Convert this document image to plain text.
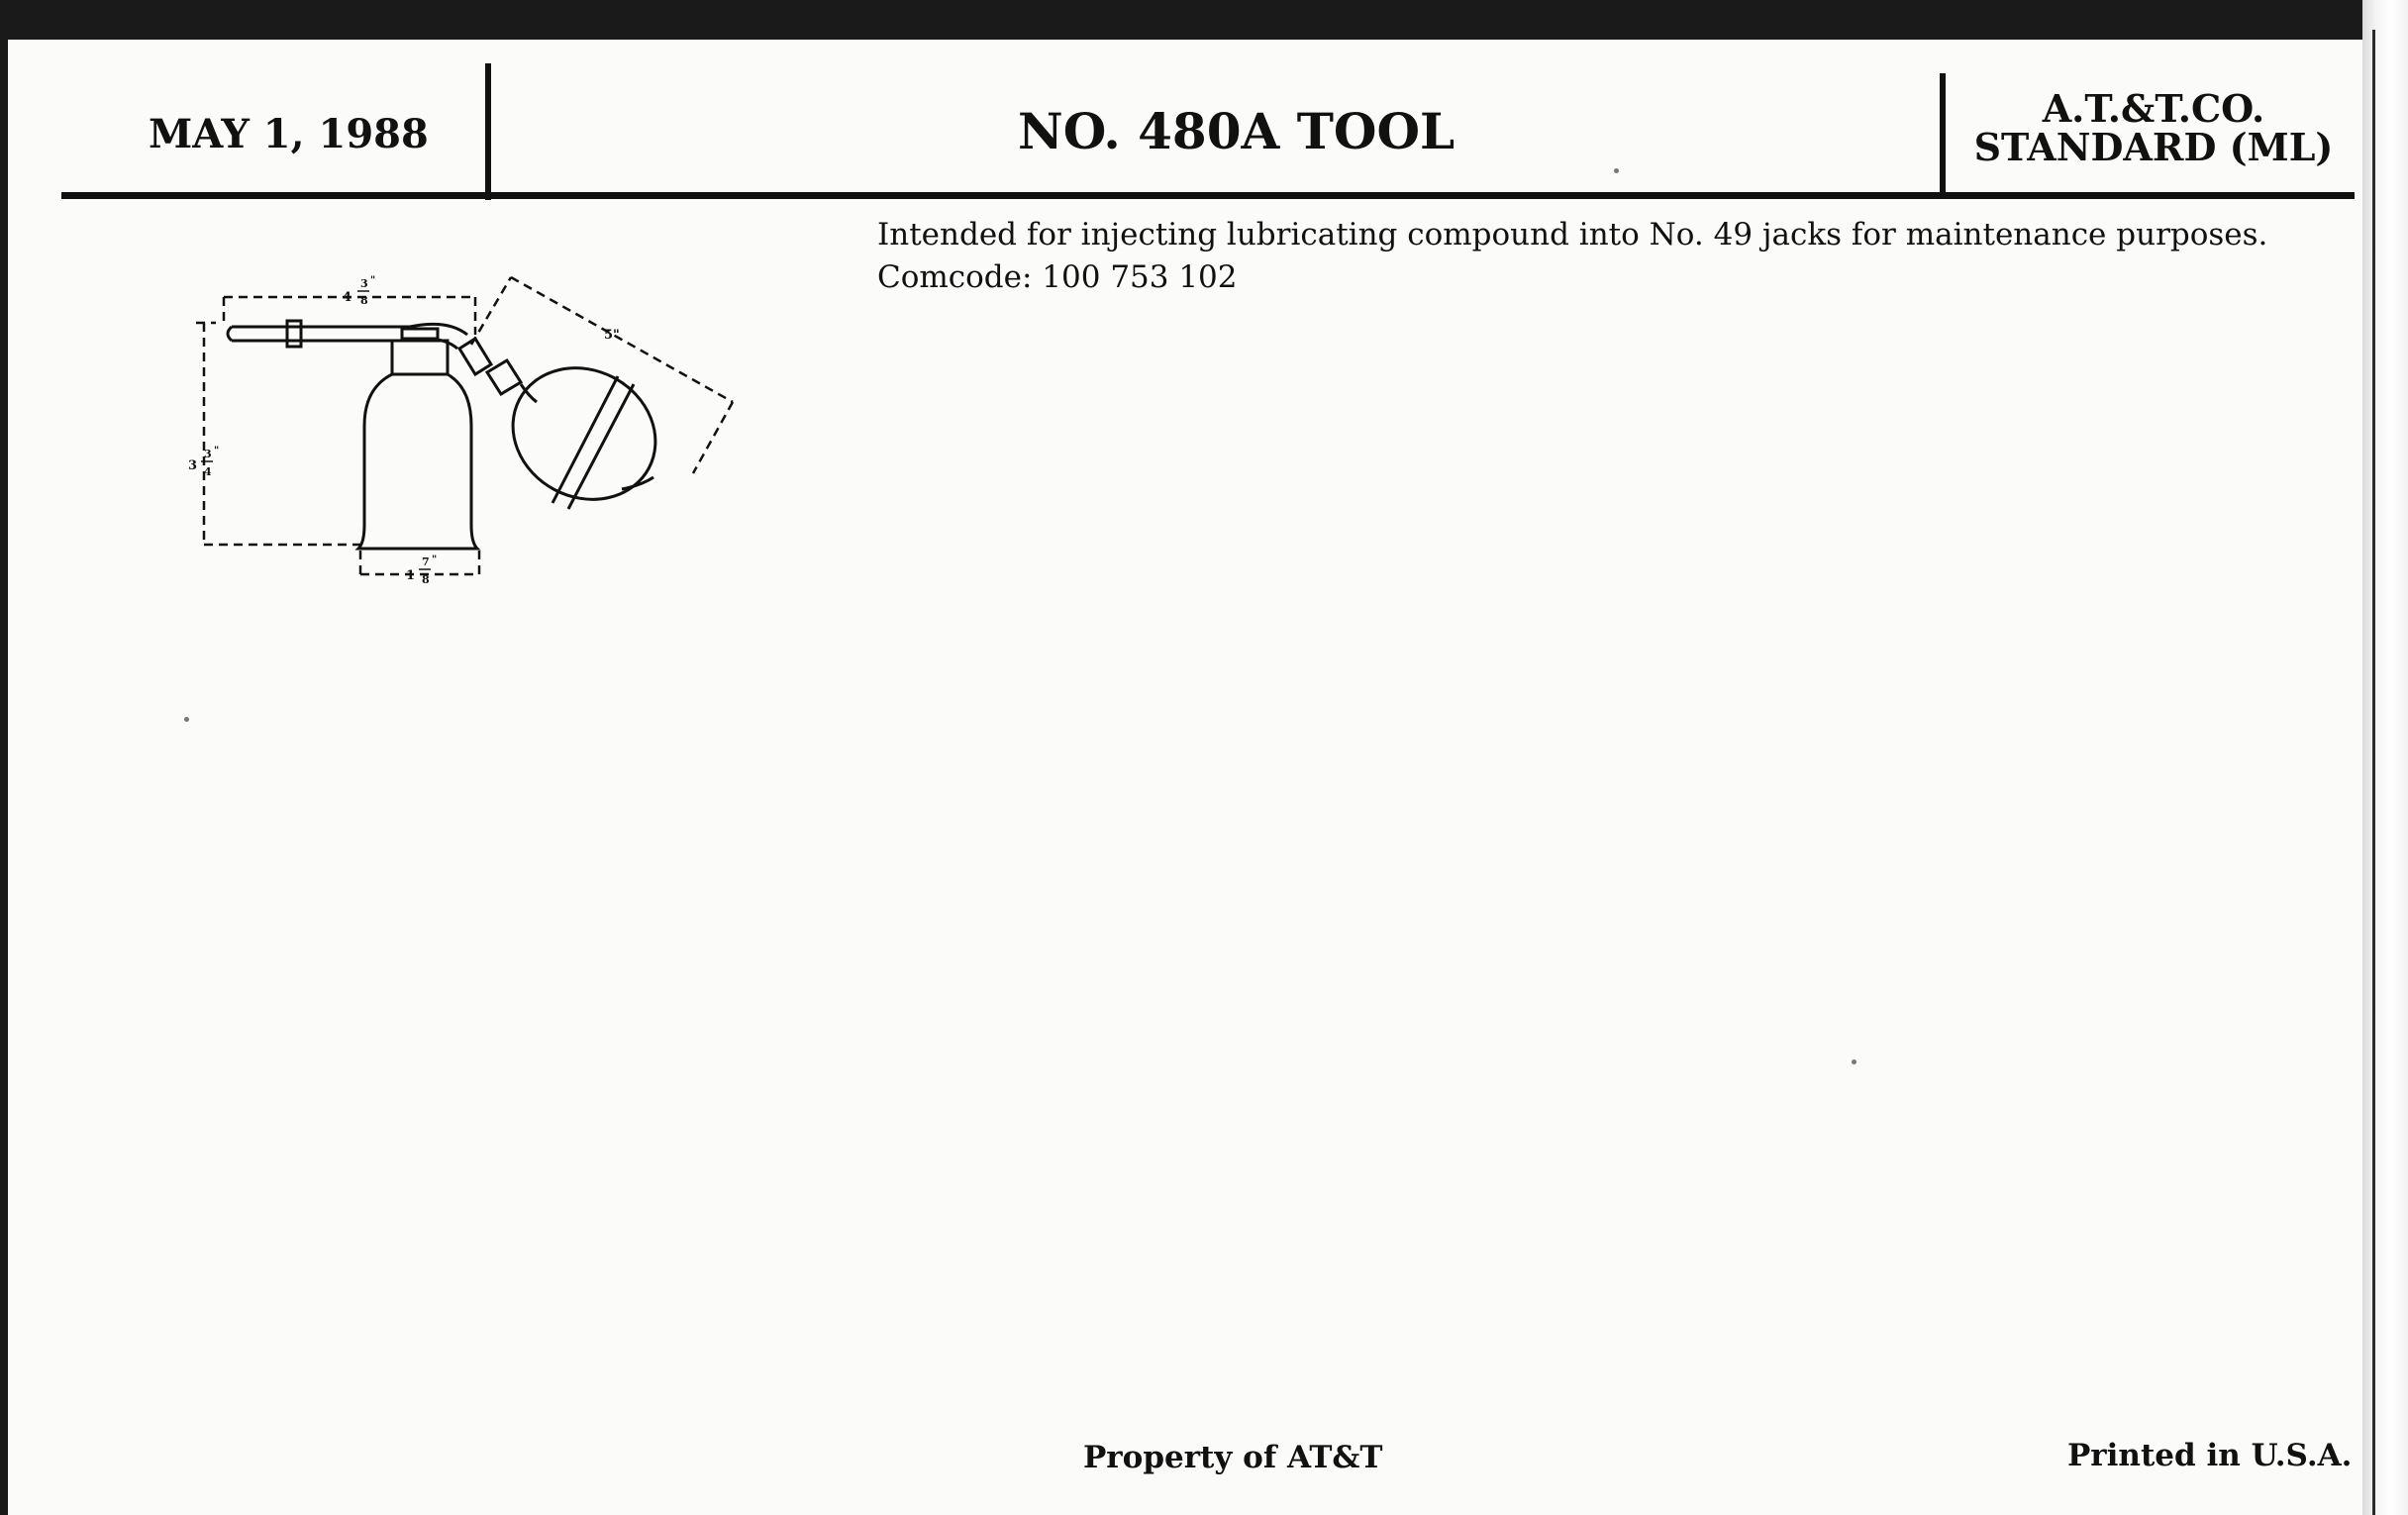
MAY 1, 1988	NO. 480A TOOL	A.T.&T.CO.
STANDARD (ML)
Intended for injecting lubricating compound into No. 49 jacks for maintenance purposes.
Comcode: 100 753 102
4
3
8
"
3
3
4
"
1
7
8
"
5"
Property of AT&T	Printed in U.S.A.
